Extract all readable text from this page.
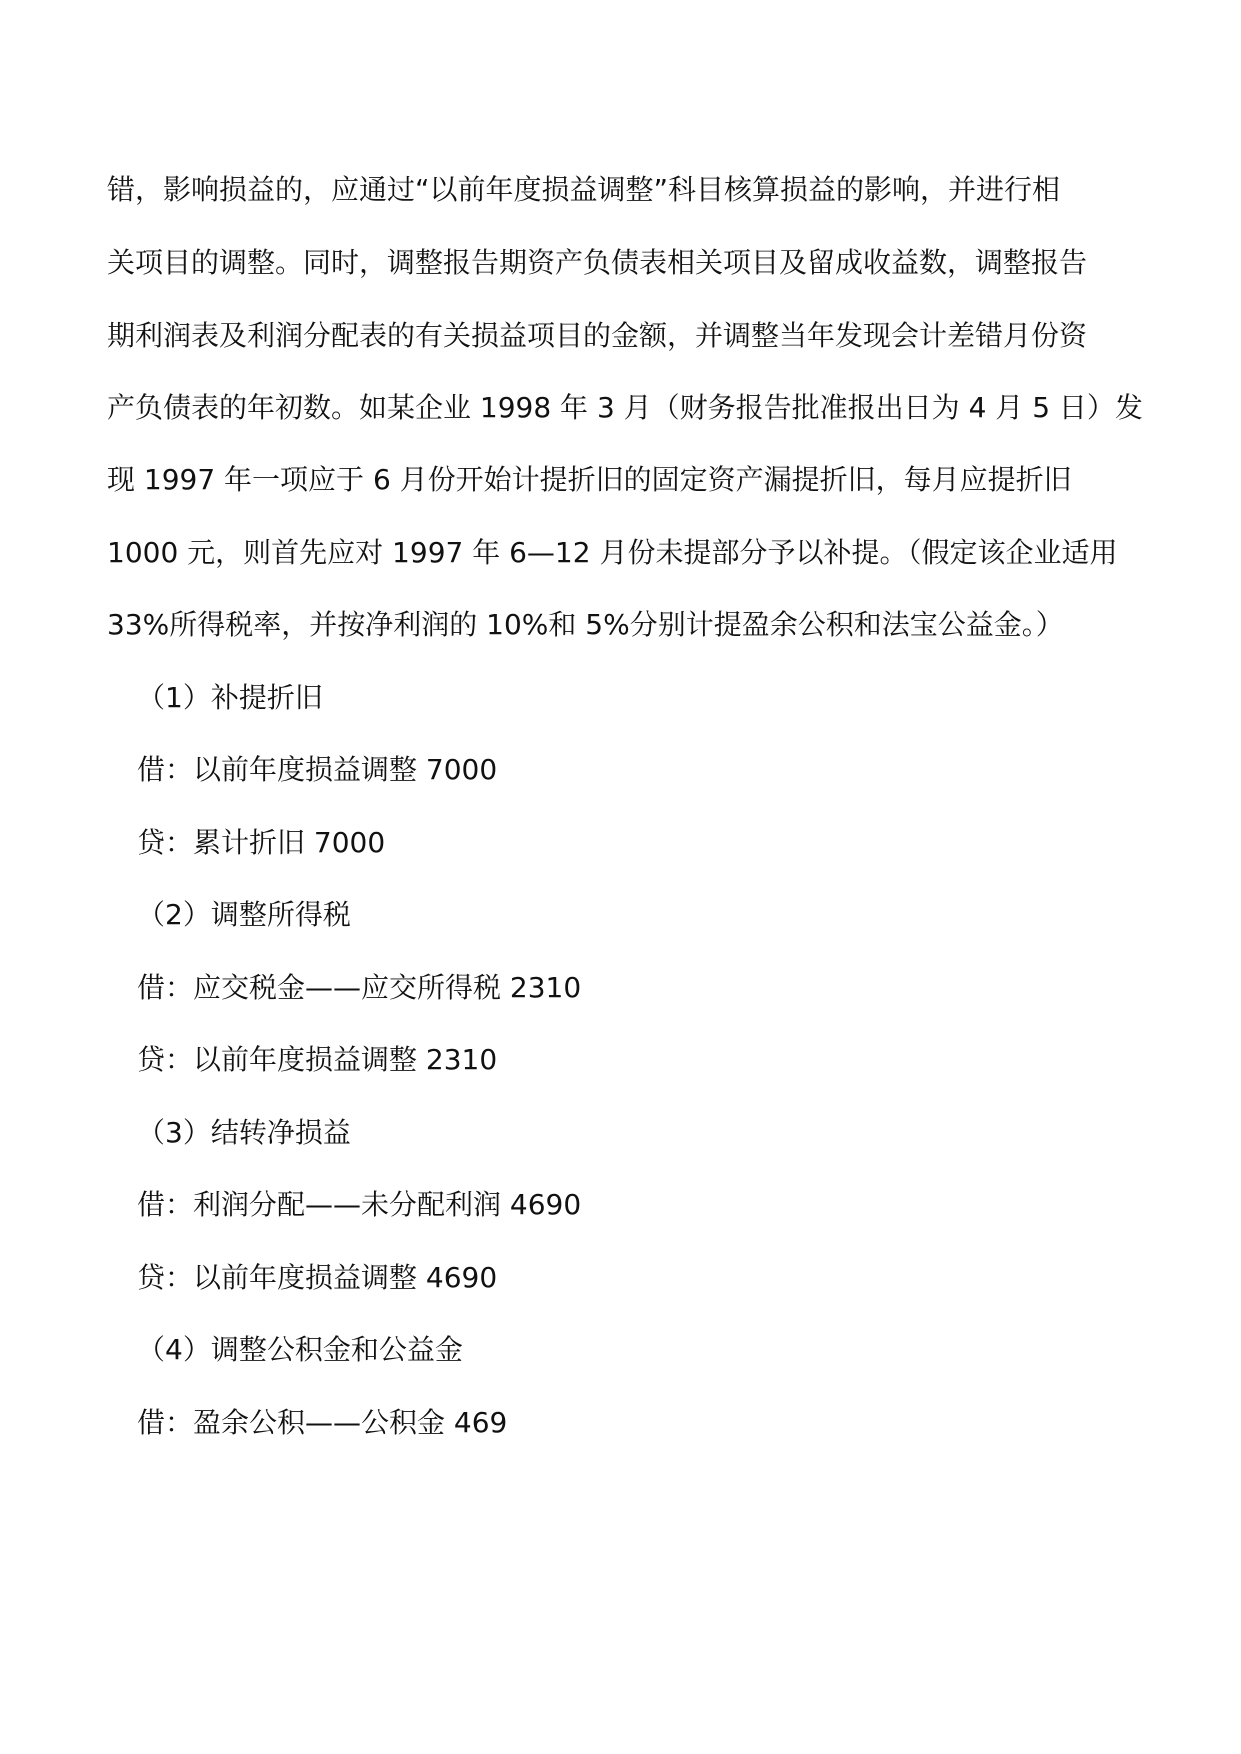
错，影响损益的，应通过“以前年度损益调整”科目核算损益的影响，并进行相
关项目的调整。同时，调整报告期资产负债表相关项目及留成收益数，调整报告
期利润表及利润分配表的有关损益项目的金额，并调整当年发现会计差错月份资
产负债表的年初数。如某企业 1998 年 3 月（财务报告批准报出日为 4 月 5 日）发
现 1997 年一项应于 6 月份开始计提折旧的固定资产漏提折旧，每月应提折旧
1000 元，则首先应对 1997 年 6—12 月份未提部分予以补提。（假定该企业适用
33%所得税率，并按净利润的 10%和 5%分别计提盈余公积和法宝公益金。）
（1）补提折旧
借：以前年度损益调整 7000
贷：累计折旧 7000
（2）调整所得税
借：应交税金——应交所得税 2310
贷：以前年度损益调整 2310
（3）结转净损益
借：利润分配——未分配利润 4690
贷：以前年度损益调整 4690
（4）调整公积金和公益金
借：盈余公积——公积金 469
